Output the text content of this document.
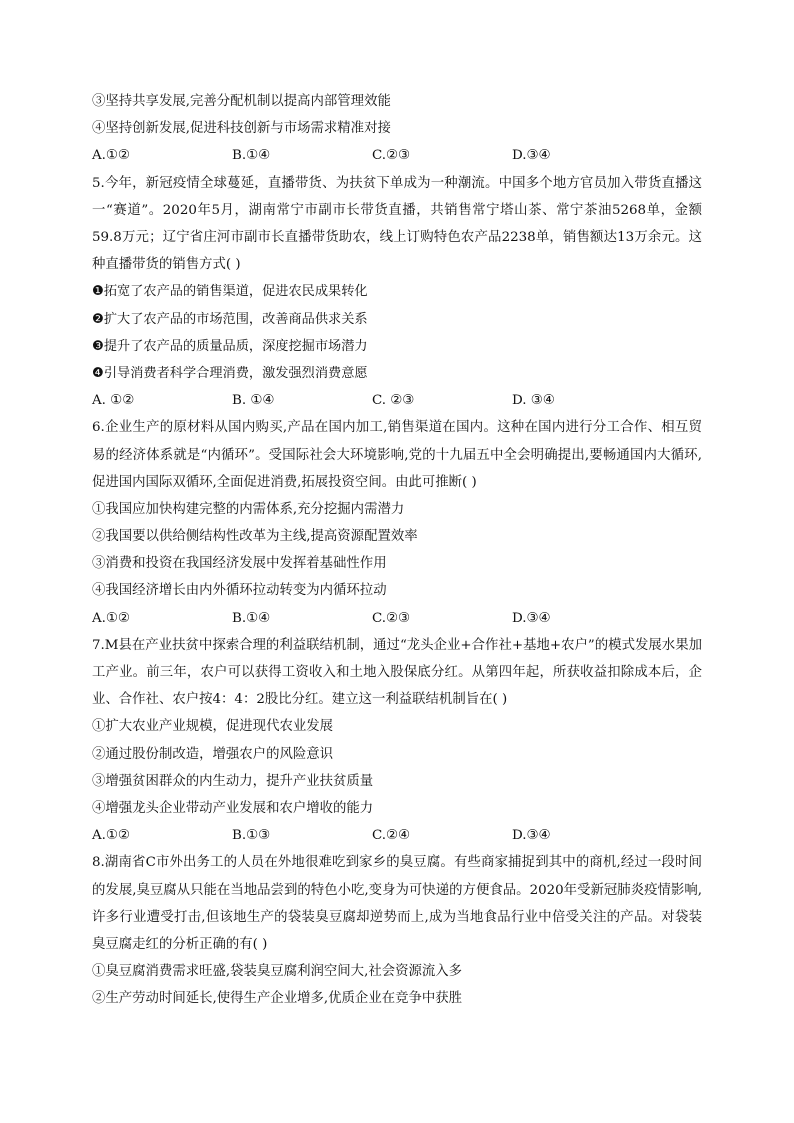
③坚持共享发展,完善分配机制以提高内部管理效能
④坚持创新发展,促进科技创新与市场需求精准对接
A.①②	B.①④	C.②③	D.③④
5.今年，新冠疫情全球蔓延，直播带货、为扶贫下单成为一种潮流。中国多个地方官员加入带货直播这一“赛道”。2020年5月，湖南常宁市副市长带货直播，共销售常宁塔山茶、常宁茶油5268单，金额59.8万元；辽宁省庄河市副市长直播带货助农，线上订购特色农产品2238单，销售额达13万余元。这种直播带货的销售方式( )
❶拓宽了农产品的销售渠道，促进农民成果转化
❷扩大了农产品的市场范围，改善商品供求关系
❸提升了农产品的质量品质，深度挖掘市场潜力
❹引导消费者科学合理消费，激发强烈消费意愿
A. ①②	B. ①④	C. ②③	D. ③④
6.企业生产的原材料从国内购买,产品在国内加工,销售渠道在国内。这种在国内进行分工合作、相互贸易的经济体系就是“内循环”。受国际社会大环境影响,党的十九届五中全会明确提出,要畅通国内大循环,促进国内国际双循环,全面促进消费,拓展投资空间。由此可推断( )
①我国应加快构建完整的内需体系,充分挖掘内需潜力
②我国要以供给侧结构性改革为主线,提高资源配置效率
③消费和投资在我国经济发展中发挥着基础性作用
④我国经济增长由内外循环拉动转变为内循环拉动
A.①②	B.①④	C.②③	D.③④
7.M县在产业扶贫中探索合理的利益联结机制，通过“龙头企业+合作社+基地+农户”的模式发展水果加工产业。前三年，农户可以获得工资收入和土地入股保底分红。从第四年起，所获收益扣除成本后，企业、合作社、农户按4：4：2股比分红。建立这一利益联结机制旨在( )
①扩大农业产业规模，促进现代农业发展
②通过股份制改造，增强农户的风险意识
③增强贫困群众的内生动力，提升产业扶贫质量
④增强龙头企业带动产业发展和农户增收的能力
A.①②	B.①③	C.②④	D.③④
8.湖南省C市外出务工的人员在外地很难吃到家乡的臭豆腐。有些商家捕捉到其中的商机,经过一段时间的发展,臭豆腐从只能在当地品尝到的特色小吃,变身为可快递的方便食品。2020年受新冠肺炎疫情影响,许多行业遭受打击,但该地生产的袋装臭豆腐却逆势而上,成为当地食品行业中倍受关注的产品。对袋装臭豆腐走红的分析正确的有( )
①臭豆腐消费需求旺盛,袋装臭豆腐利润空间大,社会资源流入多
②生产劳动时间延长,使得生产企业增多,优质企业在竞争中获胜
